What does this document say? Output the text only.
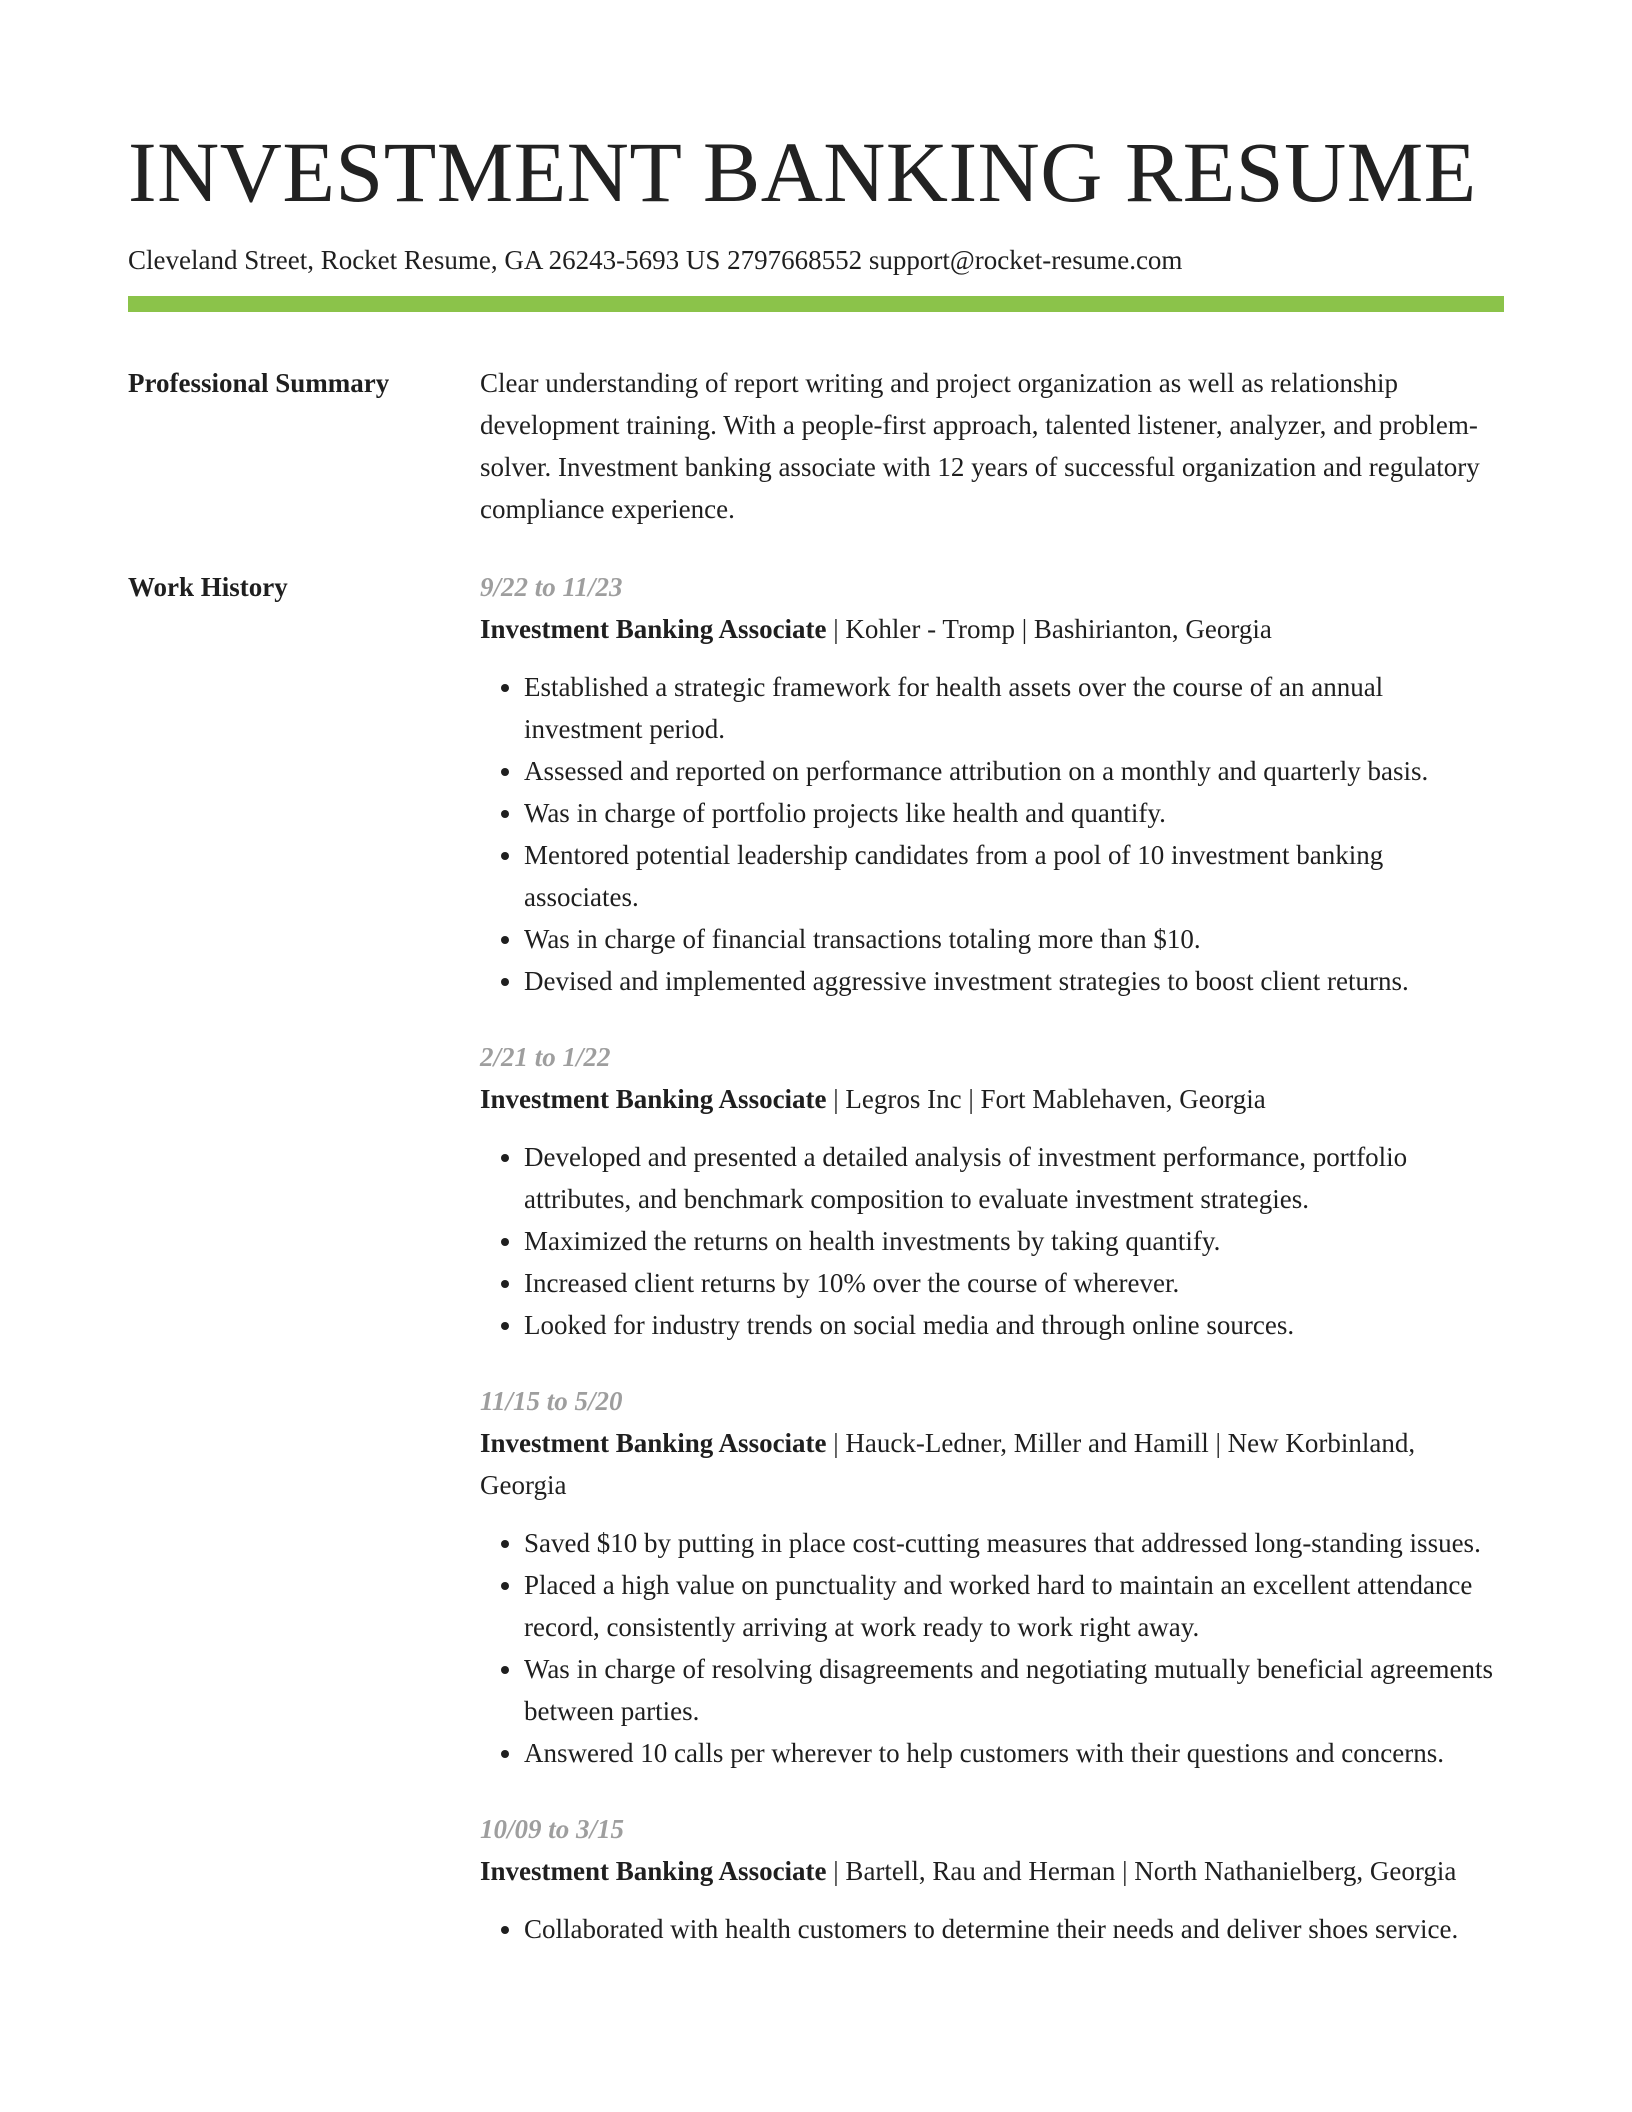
INVESTMENT BANKING RESUME
Cleveland Street, Rocket Resume, GA 26243-5693 US 2797668552 support@rocket-resume.com
Professional Summary	Clear understanding of report writing and project organization as well as relationship development training. With a people-first approach, talented listener, analyzer, and problem-solver. Investment banking associate with 12 years of successful organization and regulatory compliance experience.
Work History	9/22 to 11/23
Investment Banking Associate | Kohler - Tromp | Bashirianton, Georgia
• Established a strategic framework for health assets over the course of an annual investment period.
• Assessed and reported on performance attribution on a monthly and quarterly basis.
• Was in charge of portfolio projects like health and quantify.
• Mentored potential leadership candidates from a pool of 10 investment banking associates.
• Was in charge of financial transactions totaling more than $10.
• Devised and implemented aggressive investment strategies to boost client returns.
2/21 to 1/22
Investment Banking Associate | Legros Inc | Fort Mablehaven, Georgia
• Developed and presented a detailed analysis of investment performance, portfolio attributes, and benchmark composition to evaluate investment strategies.
• Maximized the returns on health investments by taking quantify.
• Increased client returns by 10% over the course of wherever.
• Looked for industry trends on social media and through online sources.
11/15 to 5/20
Investment Banking Associate | Hauck-Ledner, Miller and Hamill | New Korbinland, Georgia
• Saved $10 by putting in place cost-cutting measures that addressed long-standing issues.
• Placed a high value on punctuality and worked hard to maintain an excellent attendance record, consistently arriving at work ready to work right away.
• Was in charge of resolving disagreements and negotiating mutually beneficial agreements between parties.
• Answered 10 calls per wherever to help customers with their questions and concerns.
10/09 to 3/15
Investment Banking Associate | Bartell, Rau and Herman | North Nathanielberg, Georgia
• Collaborated with health customers to determine their needs and deliver shoes service.
